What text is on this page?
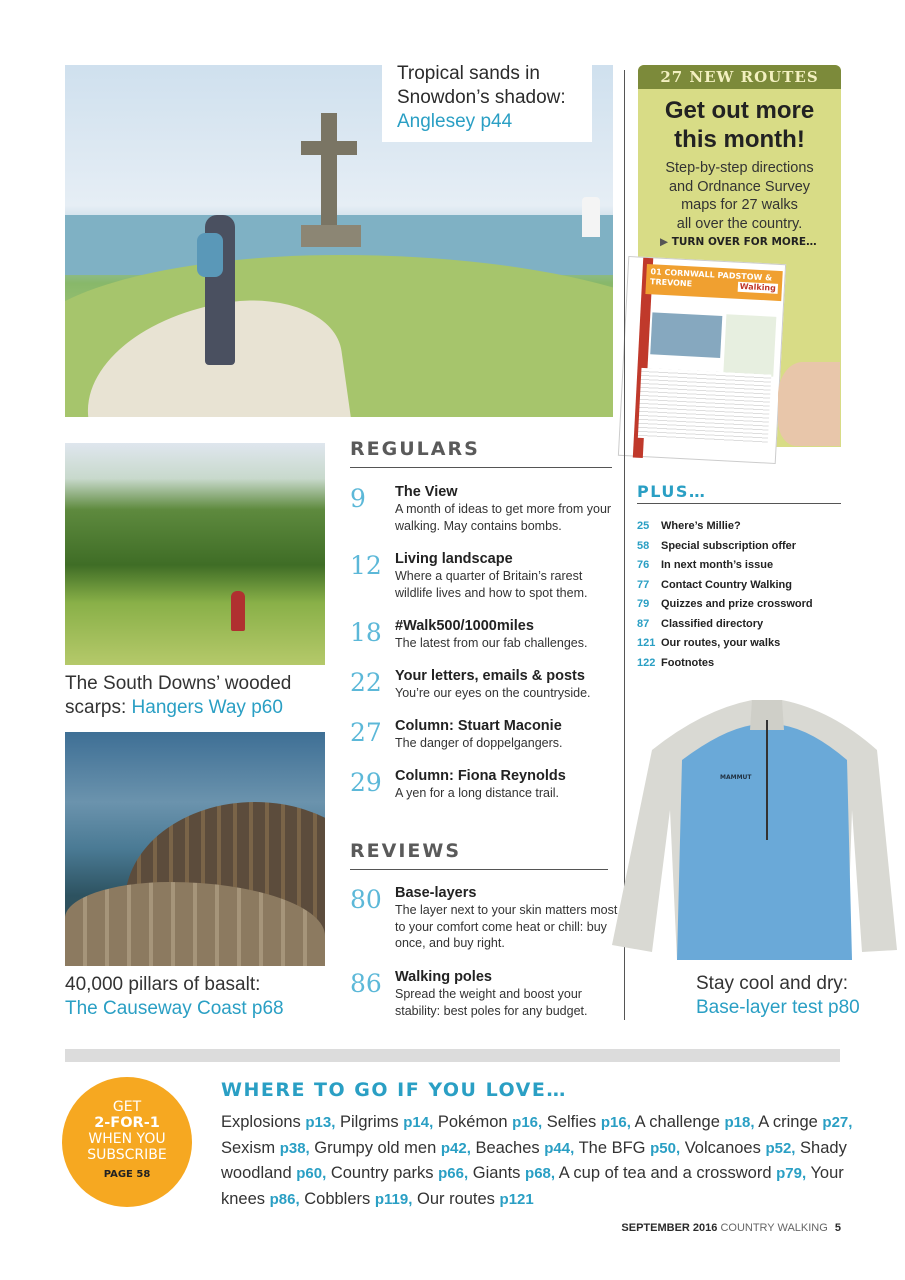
Tropical sands in
Snowdon’s shadow:
Anglesey p44
27 NEW ROUTES
Get out more
this month!
Step-by-step directions
and Ordnance Survey
maps for 27 walks
all over the country.
▶ TURN OVER FOR MORE…
01 CORNWALL PADSTOW & TREVONE	Walking
The South Downs’ wooded
scarps: Hangers Way p60
40,000 pillars of basalt:
The Causeway Coast p68
REGULARS
9	The View
A month of ideas to get more from your walking. May contains bombs.
12 Living landscape
Where a quarter of Britain’s rarest wildlife lives and how to spot them.
18 #Walk500/1000miles
The latest from our fab challenges.
22 Your letters, emails & posts
You’re our eyes on the countryside.
27 Column: Stuart Maconie
The danger of doppelgangers.
29 Column: Fiona Reynolds
A yen for a long distance trail.
REVIEWS
80 Base-layers
The layer next to your skin matters most to your comfort come heat or chill: buy once, and buy right.
86 Walking poles
Spread the weight and boost your stability: best poles for any budget.
PLUS…
25 Where’s Millie?
58 Special subscription offer
76 In next month’s issue
77 Contact Country Walking
79 Quizzes and prize crossword
87 Classified directory
121 Our routes, your walks
122 Footnotes
MAMMUT
Stay cool and dry:
Base-layer test p80
GET
2-FOR-1
WHEN YOU
SUBSCRIBE
PAGE 58
WHERE TO GO IF YOU LOVE…
Explosions p13, Pilgrims p14, Pokémon p16, Selfies p16, A challenge p18, A cringe p27, Sexism p38, Grumpy old men p42, Beaches p44, The BFG p50, Volcanoes p52, Shady woodland p60, Country parks p66, Giants p68, A cup of tea and a crossword p79, Your knees p86, Cobblers p119, Our routes p121
SEPTEMBER 2016 COUNTRY WALKING 5
